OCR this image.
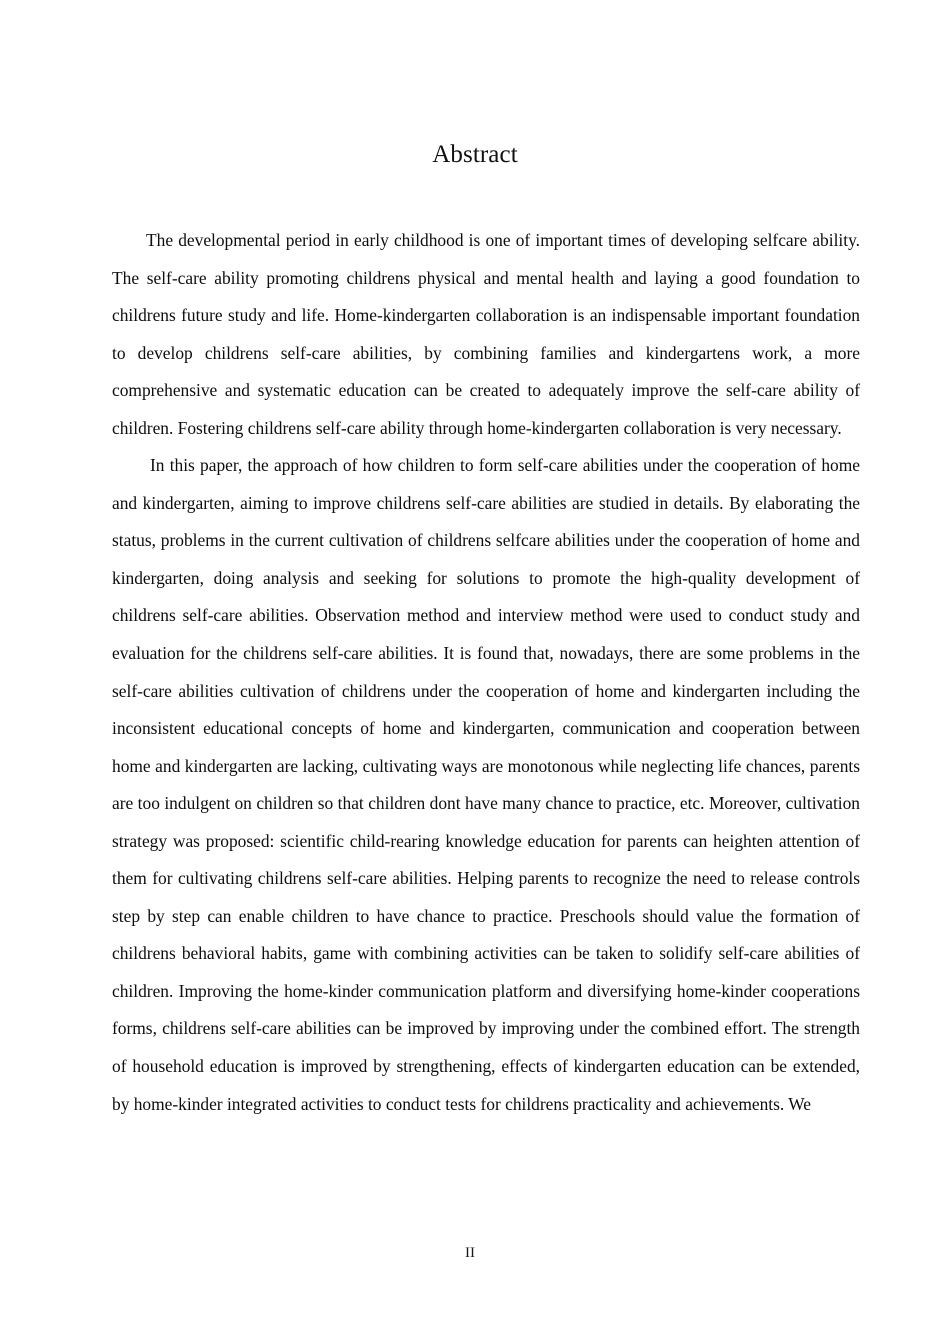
Abstract

The developmental period in early childhood is one of important times of developing selfcare ability. The self-care ability promoting childrens physical and mental health and laying a good foundation to childrens future study and life. Home-kindergarten collaboration is an indispensable important foundation to develop childrens self-care abilities, by combining families and kindergartens work, a more comprehensive and systematic education can be created to adequately improve the self-care ability of children. Fostering childrens self-care ability through home-kindergarten collaboration is very necessary.

In this paper, the approach of how children to form self-care abilities under the cooperation of home and kindergarten, aiming to improve childrens self-care abilities are studied in details. By elaborating the status, problems in the current cultivation of childrens selfcare abilities under the cooperation of home and kindergarten, doing analysis and seeking for solutions to promote the high-quality development of childrens self-care abilities. Observation method and interview method were used to conduct study and evaluation for the childrens self-care abilities. It is found that, nowadays, there are some problems in the self-care abilities cultivation of childrens under the cooperation of home and kindergarten including the inconsistent educational concepts of home and kindergarten, communication and cooperation between home and kindergarten are lacking, cultivating ways are monotonous while neglecting life chances, parents are too indulgent on children so that children dont have many chance to practice, etc. Moreover, cultivation strategy was proposed: scientific child-rearing knowledge education for parents can heighten attention of them for cultivating childrens self-care abilities. Helping parents to recognize the need to release controls step by step can enable children to have chance to practice. Preschools should value the formation of childrens behavioral habits, game with combining activities can be taken to solidify self-care abilities of children. Improving the home-kinder communication platform and diversifying home-kinder cooperations forms, childrens self-care abilities can be improved by improving under the combined effort. The strength of household education is improved by strengthening, effects of kindergarten education can be extended, by home-kinder integrated activities to conduct tests for childrens practicality and achievements. We

II
